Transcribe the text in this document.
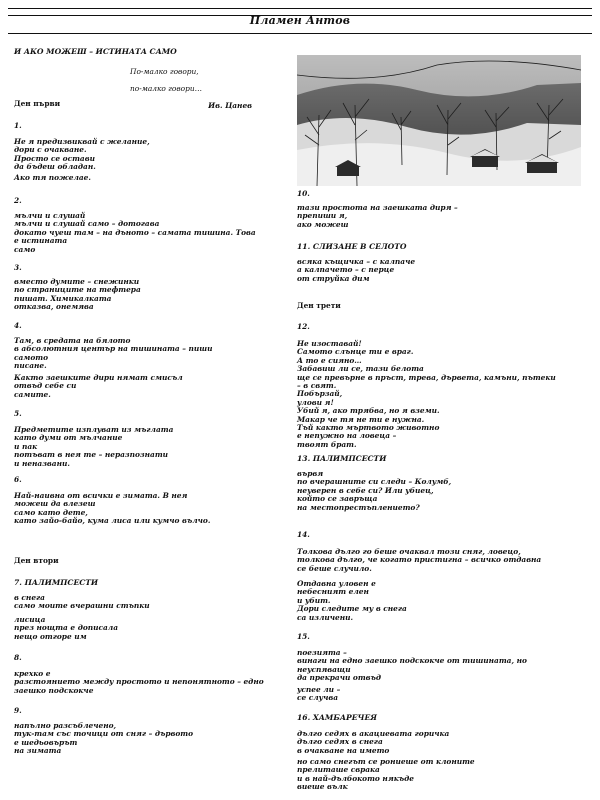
Пламен Антов
И АКО МОЖЕШ – ИСТИНАТА САМО

По-малко говори,

по-малко говори…

Ив. Цанев

Ден първи
1.
Не я предизвиквай с желание,
дори с очакване.
Просто се остави
да бъдеш обладан.
Ако тя пожелае.
2.
мълчи и слушай
мълчи и слушай само – дотогава
докато чуеш там – на дъното – самата тишина. Това
е истината
само
3.
вместо думите – снежинки
по страниците на тефтера
пишат. Химикалката
отказва, онемява
4.
Там, в средата на бялото
в абсолютния център на тишината – пиши
самото
писане.
Както заешките дири нямат смисъл
отвъд себе си
самите.
5.
Предметите изплуват из мъглата
като думи от мълчание
и пак
потъват в нея те – неразпознати
и неназвани.
6.
Най-наивна от всички е зимата. В нея
можеш да влезеш
само като дете,
като зайо-байо, кума лиса или кумчо вълчо.
Ден втори
7. ПАЛИМПСЕСТИ
в снега
само моите вчерашни стъпки
лисица
през нощта е дописала
нещо отгоре им
8.
крехко е
разстоянието между простото и непонятното – едно
заешко подскокче
9.
напълно разсъблечено,
тук-там със точици от сняг – дървото
е шедьовърът
на зимата
10.
тази простота на заешката диря –
препиши я,
ако можеш
11. СЛИЗАНЕ В СЕЛОТО
всяка къщичка – с калпаче
а калпачето – с перце
от струйка дим
Ден трети
12.
Не изоставай!
Самото слънце ти е враг.
А то е сияно…
Забавиш ли се, тази белота
ще се превърне в пръст, трева, дървета, камъни, пътеки
– в свят.
Побързай,
улови я!
Убий я, ако трябва, но я вземи.
Макар че тя не ти е нужна.
Тъй както мъртвото животно
е непужно на ловеца –
твоят брат.
13. ПАЛИМПСЕСТИ
вървя
по вчерашните си следи – Колумб,
неуверен в себе си? Или убиец,
който се завръща
на местопрестъплението?
14.
Толкова дълго го беше очаквал този сняг, ловецо,
толкова дълго, че когато пристигна – всичко отдавна
се беше случило.
Отдавна уловен е
небесният елен
и убит.
Дори следите му в снега
са изличени.
15.
поезията –
винаги на едно заешко подскокче от тишината, но
неуспяващи
да прекрачи отвъд
успее ли –
се случва
16. ХАМБАРЕЧЕЯ
дълго седях в акациевата горичка
дълго седях в снега
в очакване на името
но само снегът се рониеше от клоните
прелиташе сврака
и в най-дълбокото някъде
виеше вълк
